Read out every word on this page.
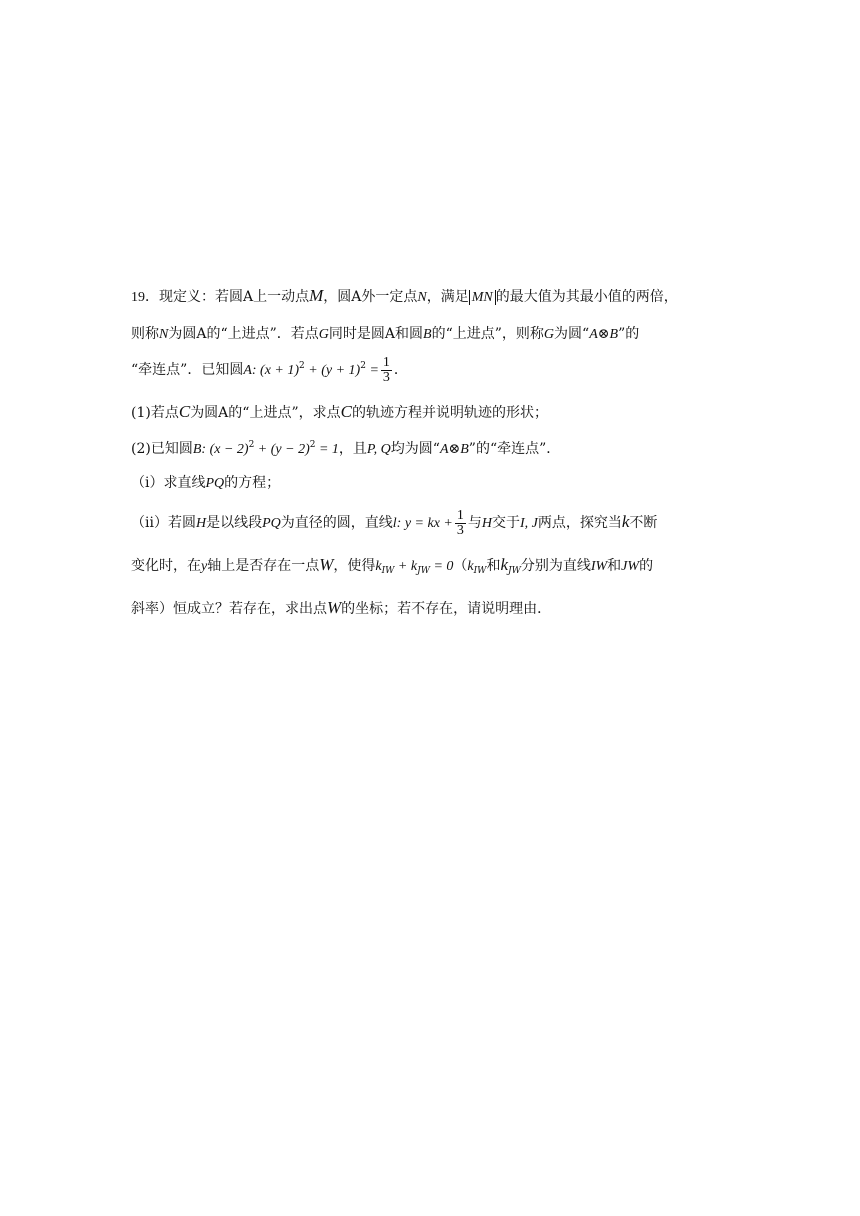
19．现定义：若圆A上一动点M，圆A外一定点N，满足 MN 的最大值为其最小值的两倍，
则称N为圆A的“上进点”．若点G同时是圆A和圆B的“上进点”，则称G为圆“A⊗B”的
“牵连点”．已知圆A: $(x + 1)^2 + (y + 1)^2 = \frac{1}{3}$ ．
(1)若点C为圆A的“上进点”，求点C的轨迹方程并说明轨迹的形状；
(2)已知圆B: $(x - 2)^2 + (y - 2)^2 = 1$，且P, Q均为圆“A⊗B”的“牵连点”．
（ⅰ）求直线PQ的方程；
（ⅱ）若圆H是以线段PQ为直径的圆，直线l: y = kx + $\frac{1}{3}$ 与H交于I, J两点，探究当k不断
变化时，在y轴上是否存在一点W，使得$k_{IW} + k_{JW} = 0(k_{IW}$和$k_{JW}$分别为直线IW和JW的
斜率）恒成立？若存在，求出点W的坐标；若不存在，请说明理由．
